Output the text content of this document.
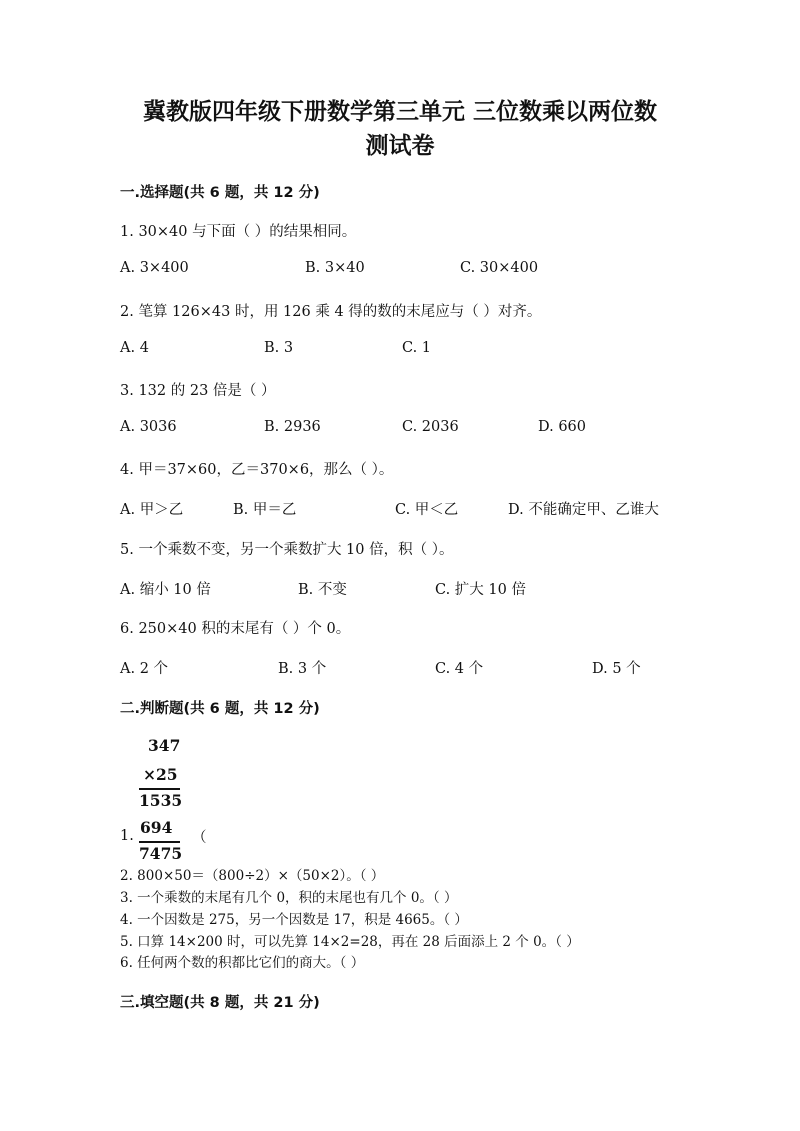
冀教版四年级下册数学第三单元 三位数乘以两位数
测试卷
一.选择题(共 6 题，共 12 分)
1. 30×40 与下面（ ）的结果相同。
A. 3×400	B. 3×40	C. 30×400
2. 笔算 126×43 时，用 126 乘 4 得的数的末尾应与（ ）对齐。
A. 4	B. 3	C. 1
3. 132 的 23 倍是（ ）
A. 3036	B. 2936	C. 2036	D. 660
4. 甲＝37×60，乙＝370×6，那么（ ）。
A. 甲＞乙	B. 甲＝乙	C. 甲＜乙	D. 不能确定甲、乙谁大
5. 一个乘数不变，另一个乘数扩大 10 倍，积（ ）。
A. 缩小 10 倍	B. 不变	C. 扩大 10 倍
6. 250×40 积的末尾有（ ）个 0。
A. 2 个	B. 3 个	C. 4 个	D. 5 个
二.判断题(共 6 题，共 12 分)
347
×25
1535
1. 694
7475
（
2. 800×50＝（800÷2）×（50×2）。（ ）
3. 一个乘数的末尾有几个 0，积的末尾也有几个 0。（ ）
4. 一个因数是 275，另一个因数是 17，积是 4665。（ ）
5. 口算 14×200 时，可以先算 14×2=28，再在 28 后面添上 2 个 0。（ ）
6. 任何两个数的积都比它们的商大。（ ）
三.填空题(共 8 题，共 21 分)
